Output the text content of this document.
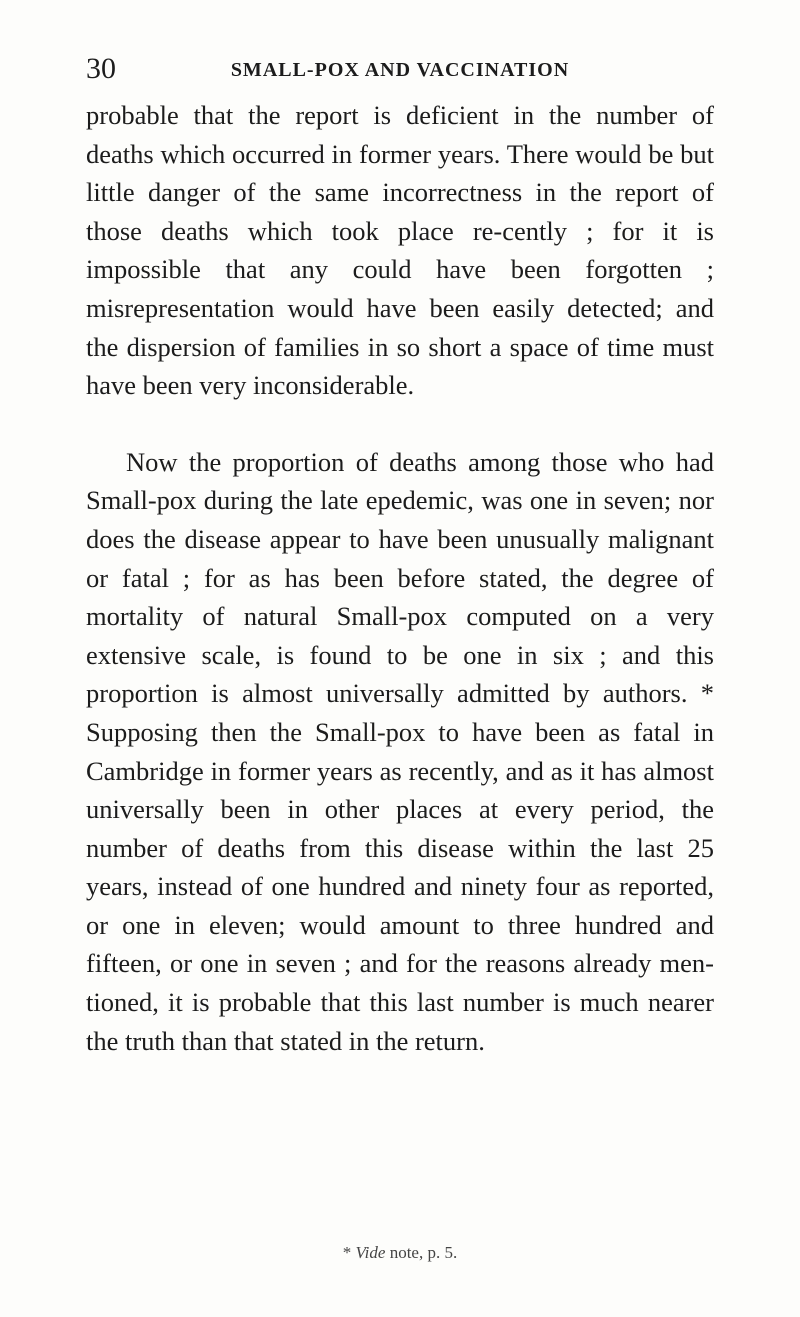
30	SMALL-POX AND VACCINATION

probable that the report is deficient in the number of deaths which occurred in former years. There would be but little danger of the same incorrectness in the report of those deaths which took place re-cently ; for it is impossible that any could have been forgotten ; misrepresentation would have been easily detected; and the dispersion of families in so short a space of time must have been very inconsiderable.

Now the proportion of deaths among those who had Small-pox during the late epedemic, was one in seven; nor does the disease appear to have been unusually malignant or fatal ; for as has been before stated, the degree of mortality of natural Small-pox computed on a very extensive scale, is found to be one in six ; and this proportion is almost universally admitted by authors. * Supposing then the Small-pox to have been as fatal in Cambridge in former years as recently, and as it has almost universally been in other places at every period, the number of deaths from this disease within the last 25 years, instead of one hundred and ninety four as reported, or one in eleven; would amount to three hundred and fifteen, or one in seven ; and for the reasons already men-tioned, it is probable that this last number is much nearer the truth than that stated in the return.

* Vide note, p. 5.
